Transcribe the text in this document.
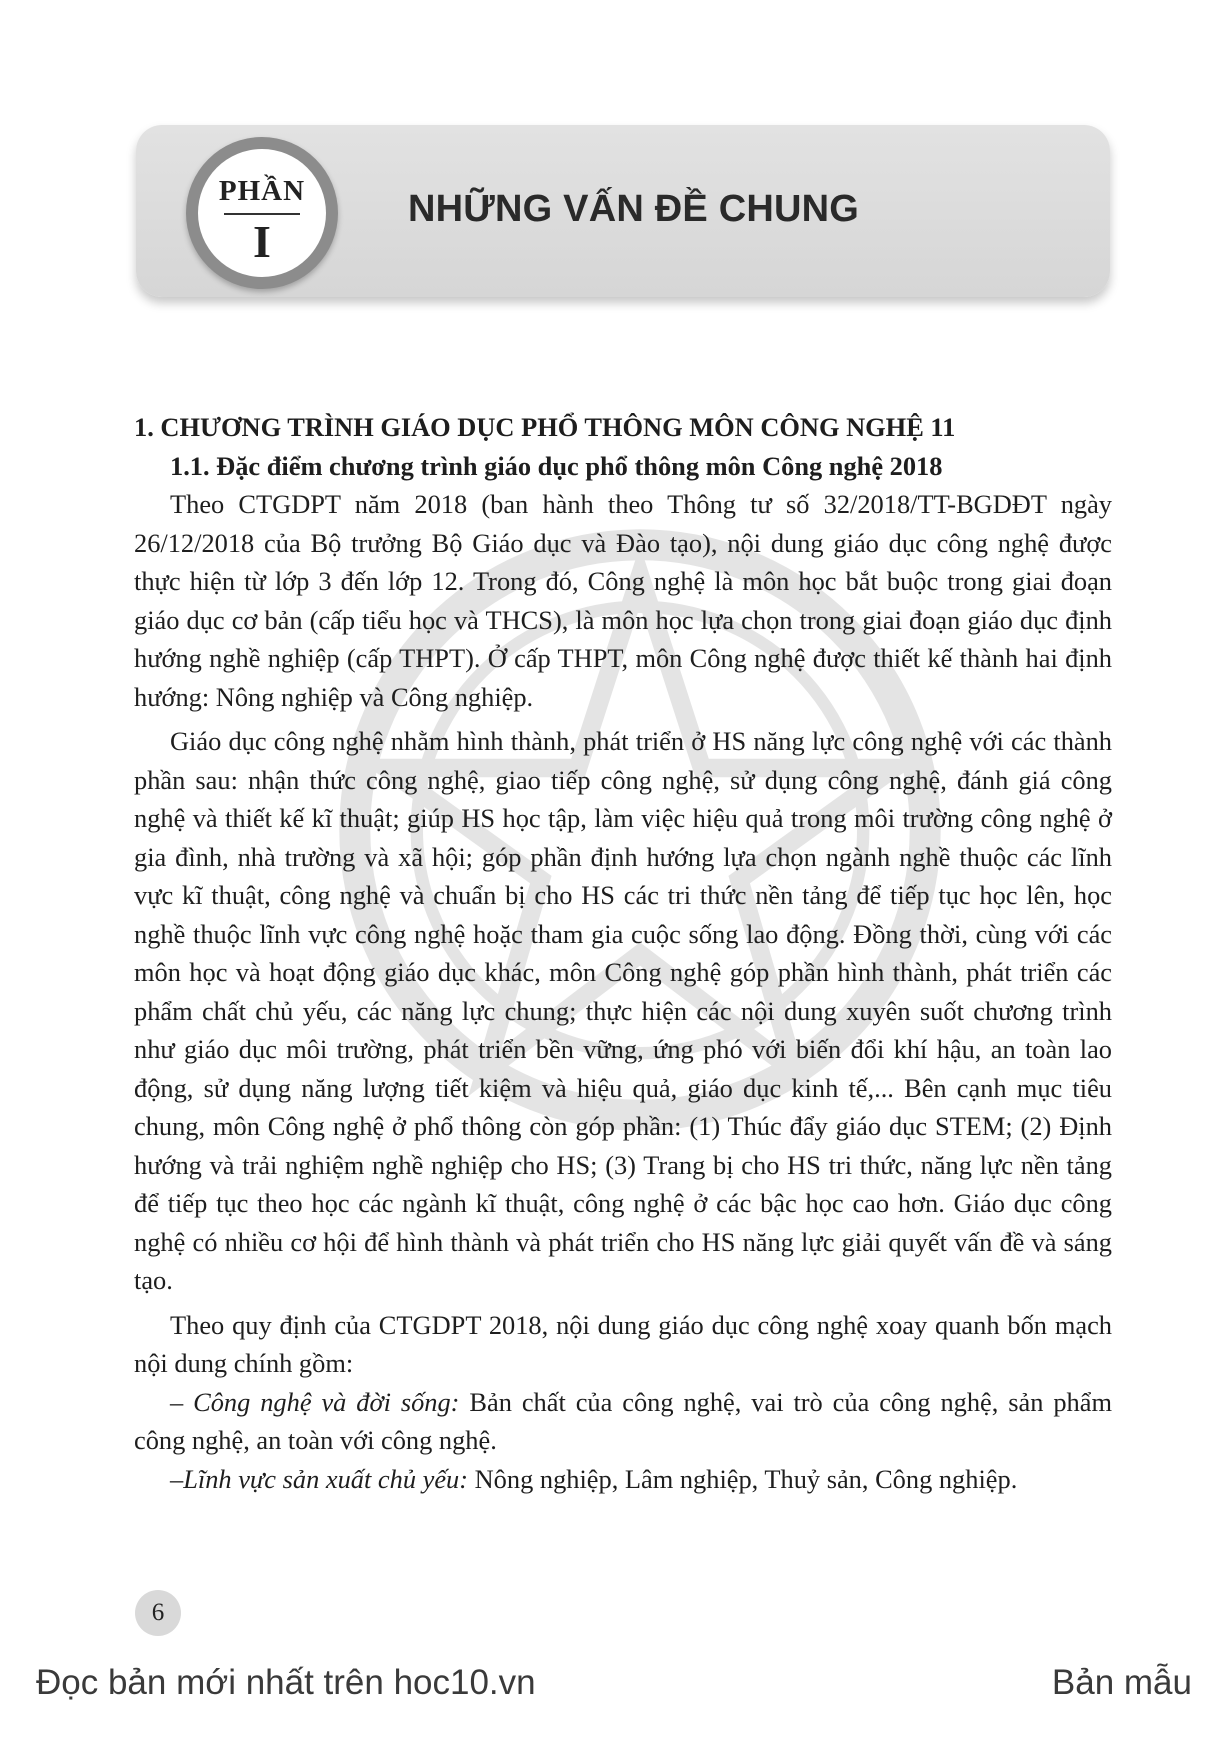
PHẦN
I
NHỮNG VẤN ĐỀ CHUNG

1. CHƯƠNG TRÌNH GIÁO DỤC PHỔ THÔNG MÔN CÔNG NGHỆ 11

1.1. Đặc điểm chương trình giáo dục phổ thông môn Công nghệ 2018

Theo CTGDPT năm 2018 (ban hành theo Thông tư số 32/2018/TT-BGDĐT ngày 26/12/2018 của Bộ trưởng Bộ Giáo dục và Đào tạo), nội dung giáo dục công nghệ được thực hiện từ lớp 3 đến lớp 12. Trong đó, Công nghệ là môn học bắt buộc trong giai đoạn giáo dục cơ bản (cấp tiểu học và THCS), là môn học lựa chọn trong giai đoạn giáo dục định hướng nghề nghiệp (cấp THPT). Ở cấp THPT, môn Công nghệ được thiết kế thành hai định hướng: Nông nghiệp và Công nghiệp.

Giáo dục công nghệ nhằm hình thành, phát triển ở HS năng lực công nghệ với các thành phần sau: nhận thức công nghệ, giao tiếp công nghệ, sử dụng công nghệ, đánh giá công nghệ và thiết kế kĩ thuật; giúp HS học tập, làm việc hiệu quả trong môi trường công nghệ ở gia đình, nhà trường và xã hội; góp phần định hướng lựa chọn ngành nghề thuộc các lĩnh vực kĩ thuật, công nghệ và chuẩn bị cho HS các tri thức nền tảng để tiếp tục học lên, học nghề thuộc lĩnh vực công nghệ hoặc tham gia cuộc sống lao động. Đồng thời, cùng với các môn học và hoạt động giáo dục khác, môn Công nghệ góp phần hình thành, phát triển các phẩm chất chủ yếu, các năng lực chung; thực hiện các nội dung xuyên suốt chương trình như giáo dục môi trường, phát triển bền vững, ứng phó với biến đổi khí hậu, an toàn lao động, sử dụng năng lượng tiết kiệm và hiệu quả, giáo dục kinh tế,... Bên cạnh mục tiêu chung, môn Công nghệ ở phổ thông còn góp phần: (1) Thúc đẩy giáo dục STEM; (2) Định hướng và trải nghiệm nghề nghiệp cho HS; (3) Trang bị cho HS tri thức, năng lực nền tảng để tiếp tục theo học các ngành kĩ thuật, công nghệ ở các bậc học cao hơn. Giáo dục công nghệ có nhiều cơ hội để hình thành và phát triển cho HS năng lực giải quyết vấn đề và sáng tạo.

Theo quy định của CTGDPT 2018, nội dung giáo dục công nghệ xoay quanh bốn mạch nội dung chính gồm:

– Công nghệ và đời sống: Bản chất của công nghệ, vai trò của công nghệ, sản phẩm công nghệ, an toàn với công nghệ.

–Lĩnh vực sản xuất chủ yếu: Nông nghiệp, Lâm nghiệp, Thuỷ sản, Công nghiệp.

6
Đọc bản mới nhất trên hoc10.vn	Bản mẫu
